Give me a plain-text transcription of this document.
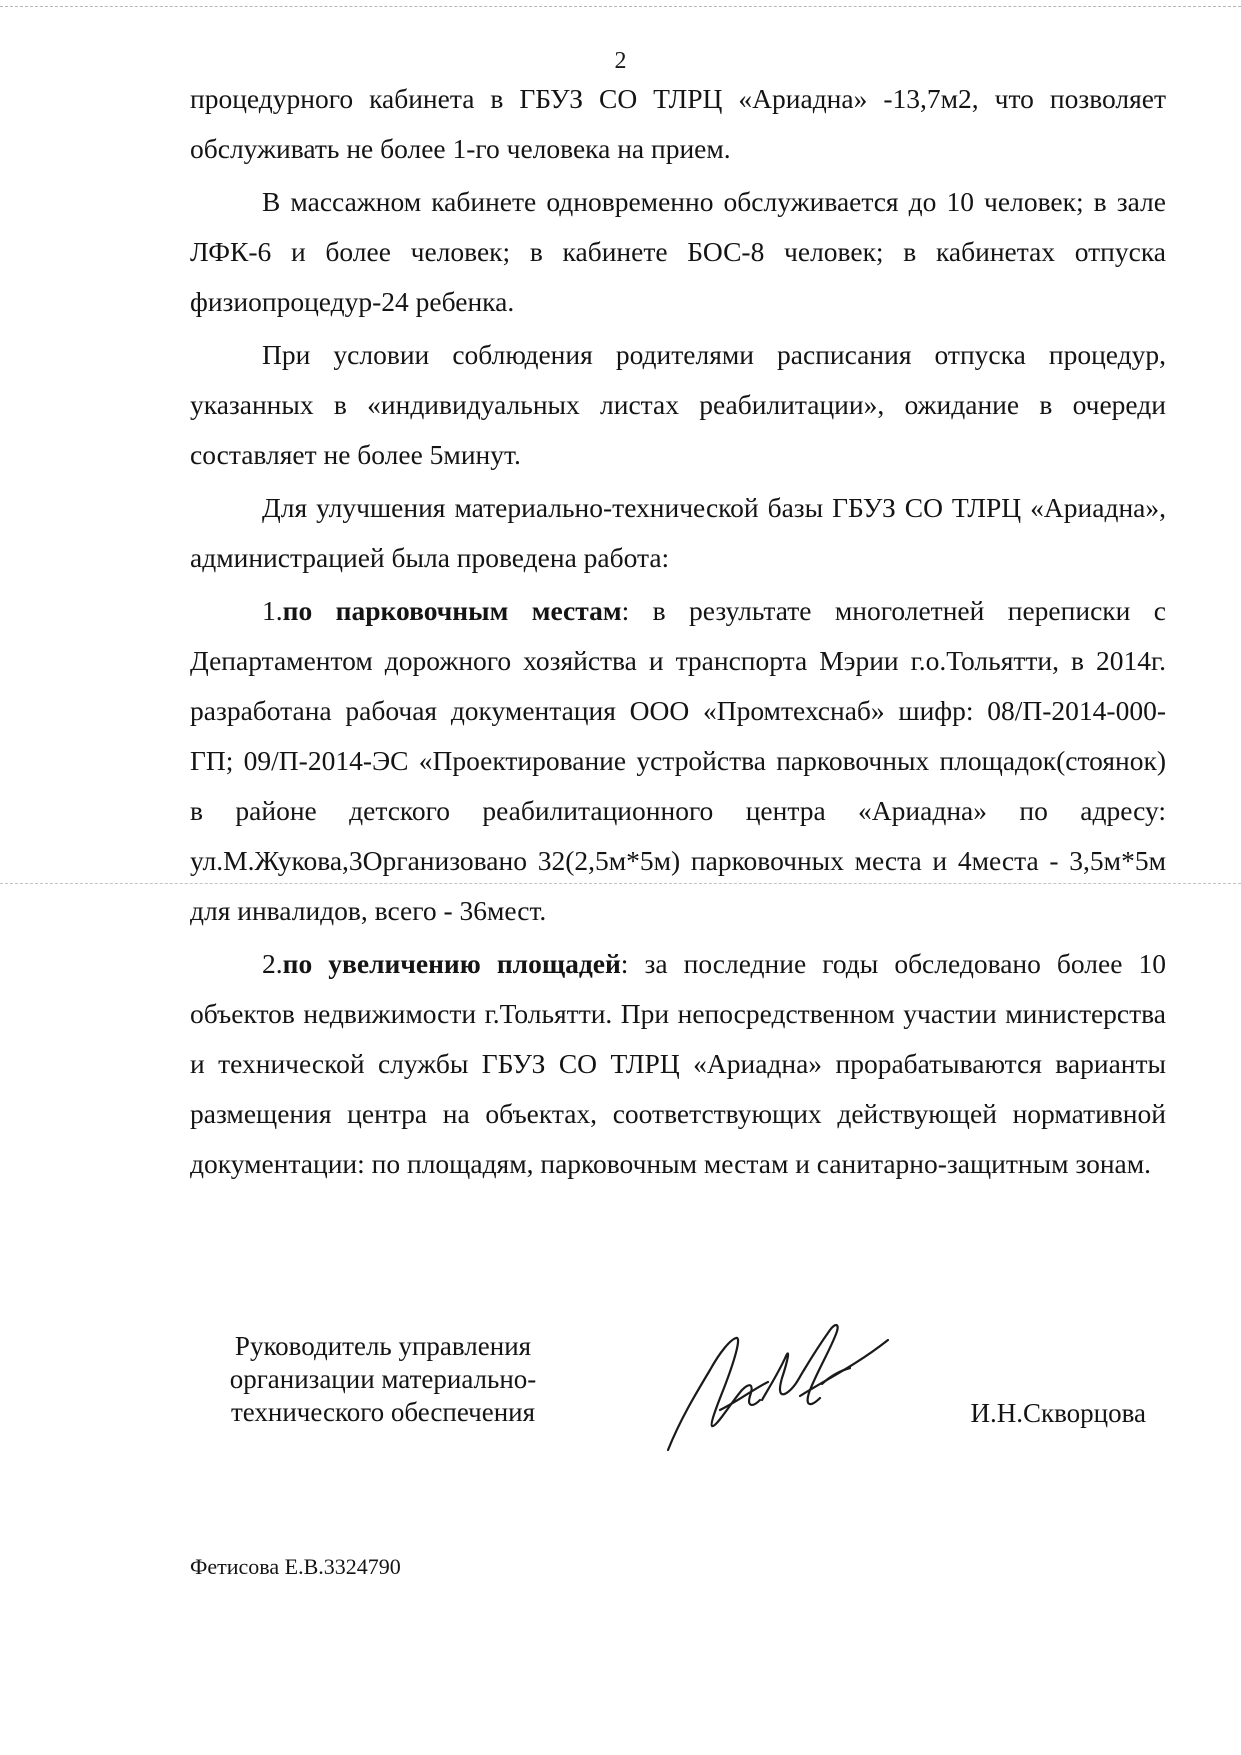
2

процедурного кабинета в ГБУЗ СО ТЛРЦ «Ариадна» -13,7м2, что позволяет обслуживать не более 1-го человека на прием.

В массажном кабинете одновременно обслуживается до 10 человек; в зале ЛФК-6 и более человек; в кабинете БОС-8 человек; в кабинетах отпуска физиопроцедур-24 ребенка.

При условии соблюдения родителями расписания отпуска процедур, указанных в «индивидуальных листах реабилитации», ожидание в очереди составляет не более 5минут.

Для улучшения материально-технической базы ГБУЗ СО ТЛРЦ «Ариадна», администрацией была проведена работа:

1.по парковочным местам: в результате многолетней переписки с Департаментом дорожного хозяйства и транспорта Мэрии г.о.Тольятти, в 2014г. разработана рабочая документация ООО «Промтехснаб» шифр: 08/П-2014-000-ГП; 09/П-2014-ЭС «Проектирование устройства парковочных площадок(стоянок) в районе детского реабилитационного центра «Ариадна» по адресу: ул.М.Жукова,3Организовано 32(2,5м*5м) парковочных места и 4места - 3,5м*5м для инвалидов, всего - 36мест.

2.по увеличению площадей: за последние годы обследовано более 10 объектов недвижимости г.Тольятти. При непосредственном участии министерства и технической службы ГБУЗ СО ТЛРЦ «Ариадна» прорабатываются варианты размещения центра на объектах, соответствующих действующей нормативной документации: по площадям, парковочным местам и санитарно-защитным зонам.

Руководитель управления
организации материально-
технического обеспечения	И.Н.Скворцова
Фетисова Е.В.3324790
